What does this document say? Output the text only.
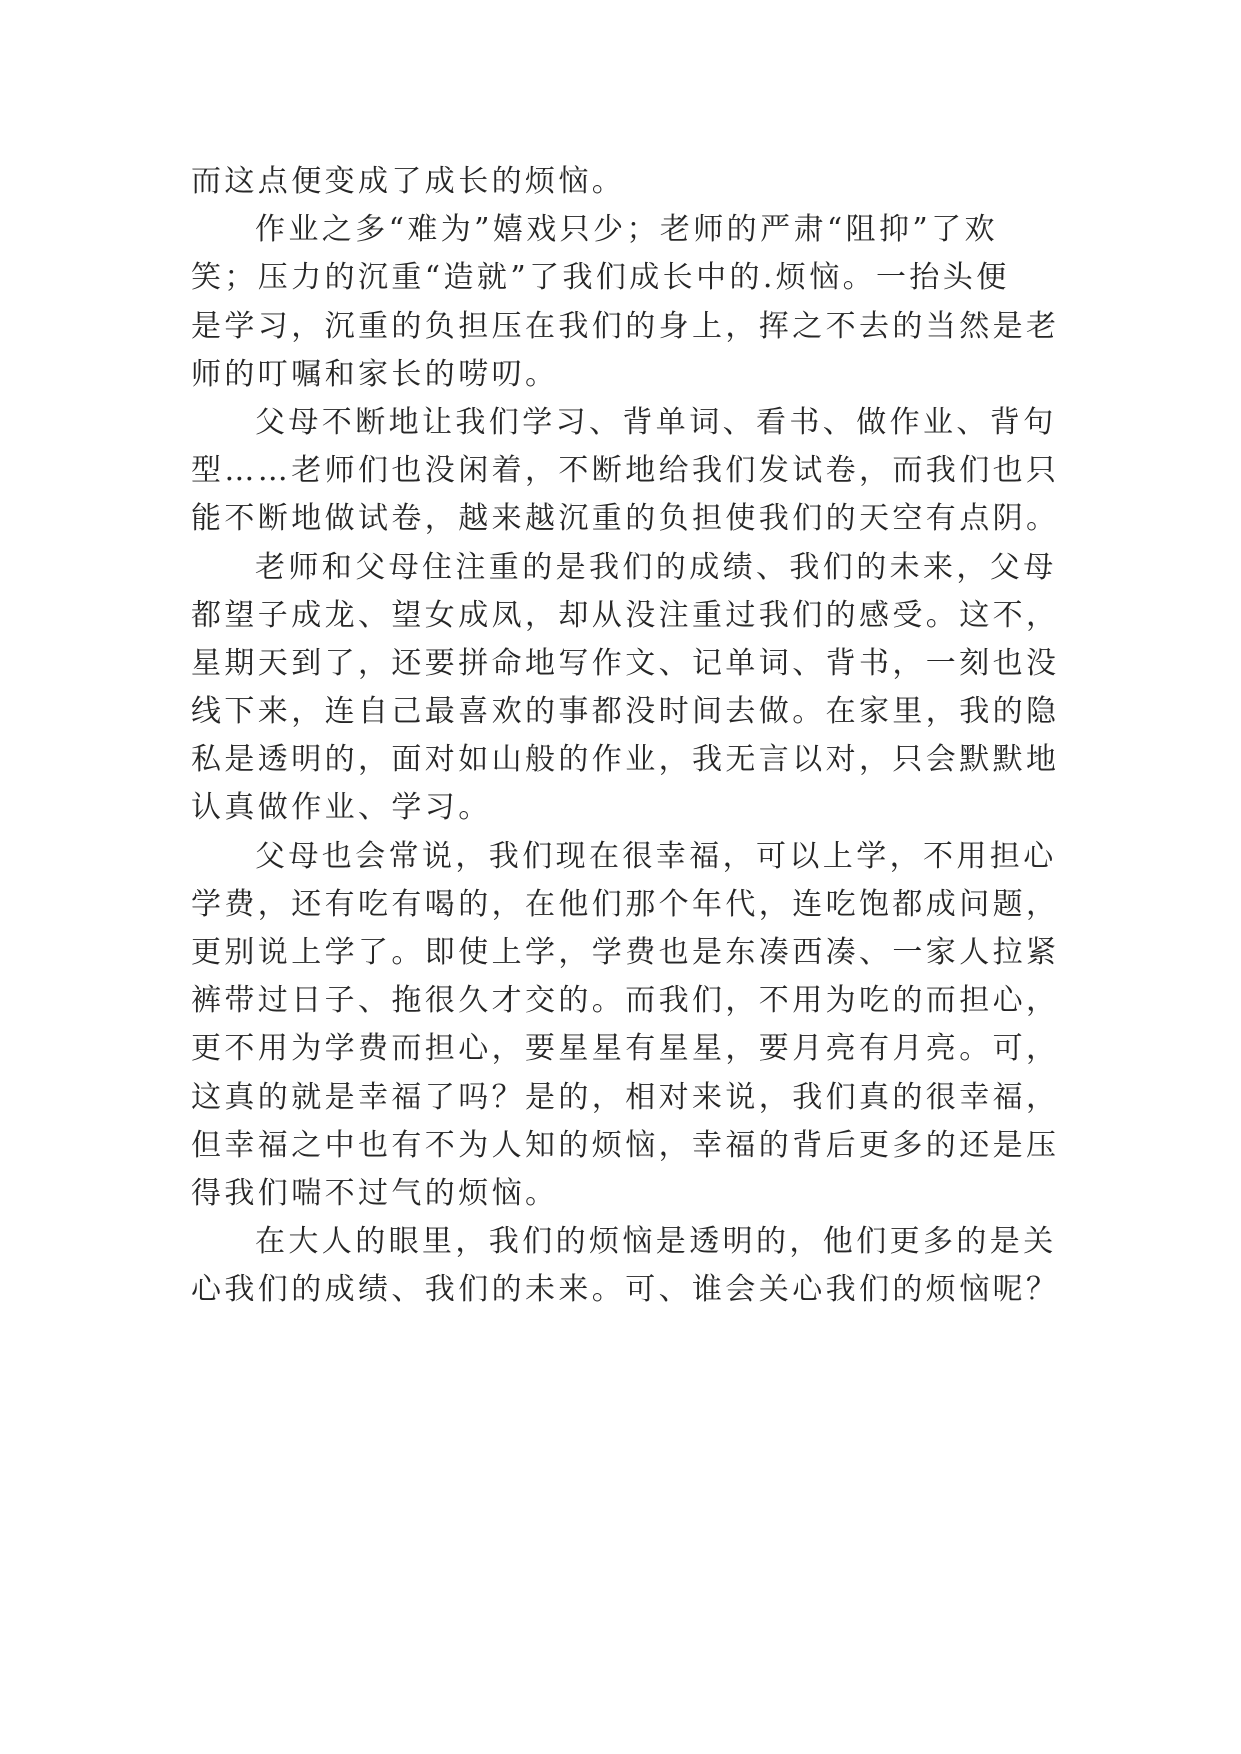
而这点便变成了成长的烦恼。
作业之多“难为”嬉戏只少；老师的严肃“阻抑”了欢
笑；压力的沉重“造就”了我们成长中的.烦恼。一抬头便
是学习，沉重的负担压在我们的身上，挥之不去的当然是老
师的叮嘱和家长的唠叨。
父母不断地让我们学习、背单词、看书、做作业、背句
型……老师们也没闲着，不断地给我们发试卷，而我们也只
能不断地做试卷，越来越沉重的负担使我们的天空有点阴。
老师和父母住注重的是我们的成绩、我们的未来，父母
都望子成龙、望女成凤，却从没注重过我们的感受。这不，
星期天到了，还要拼命地写作文、记单词、背书，一刻也没
线下来，连自己最喜欢的事都没时间去做。在家里，我的隐
私是透明的，面对如山般的作业，我无言以对，只会默默地
认真做作业、学习。
父母也会常说，我们现在很幸福，可以上学，不用担心
学费，还有吃有喝的，在他们那个年代，连吃饱都成问题，
更别说上学了。即使上学，学费也是东凑西凑、一家人拉紧
裤带过日子、拖很久才交的。而我们，不用为吃的而担心，
更不用为学费而担心，要星星有星星，要月亮有月亮。可，
这真的就是幸福了吗？是的，相对来说，我们真的很幸福，
但幸福之中也有不为人知的烦恼，幸福的背后更多的还是压
得我们喘不过气的烦恼。
在大人的眼里，我们的烦恼是透明的，他们更多的是关
心我们的成绩、我们的未来。可、谁会关心我们的烦恼呢？
